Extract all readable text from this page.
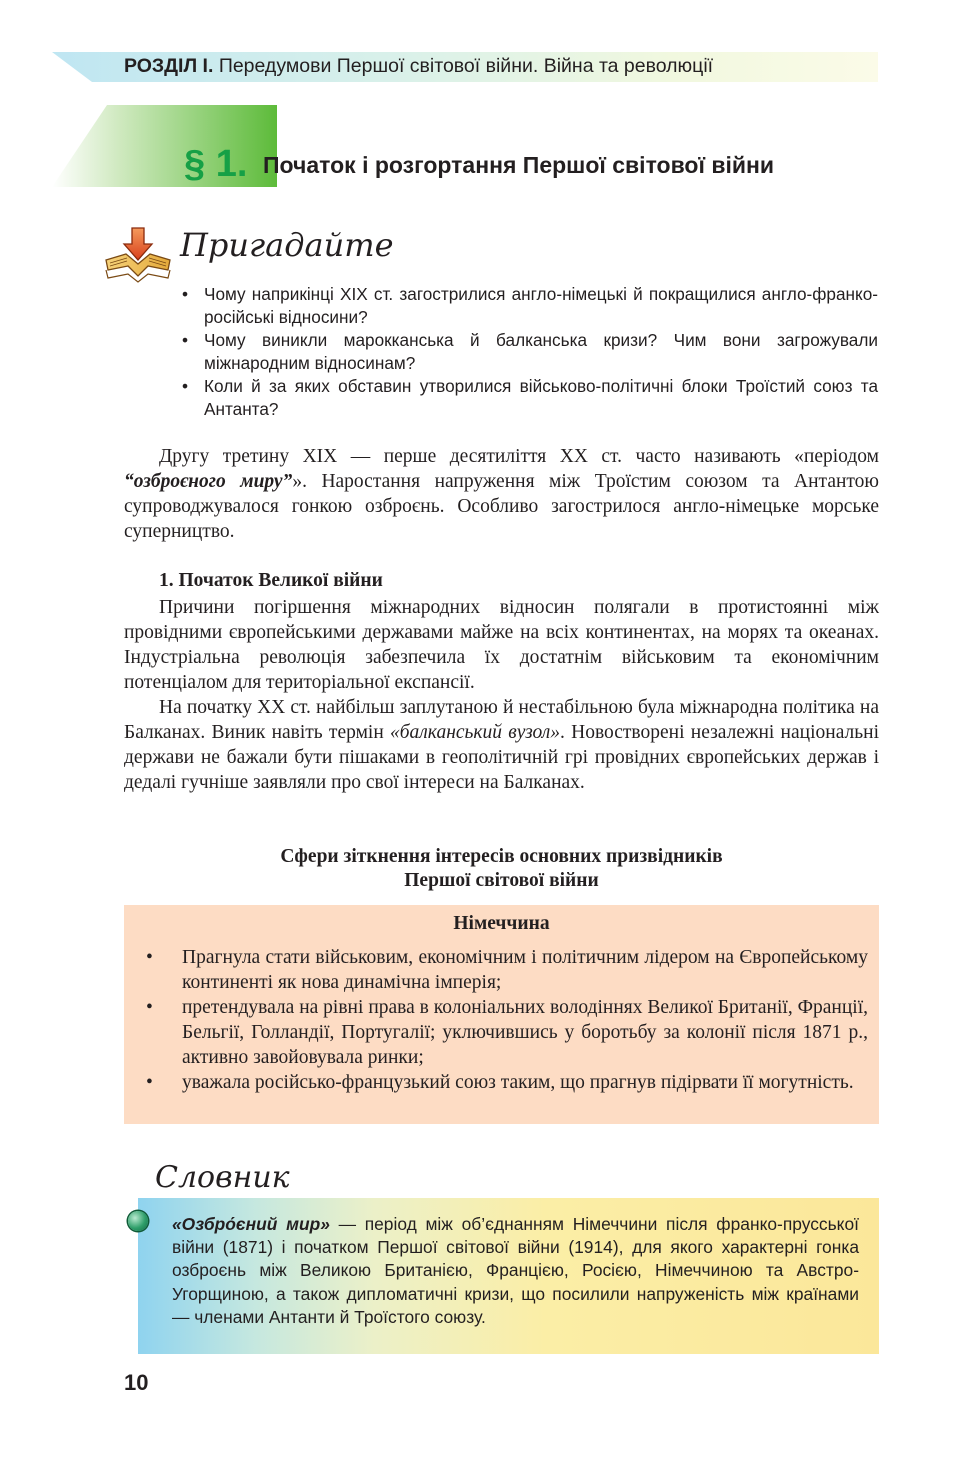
РОЗДІЛ І. Передумови Першої світової війни. Війна та революції
§ 1. Початок і розгортання Першої світової війни
Пригадайте
• Чому наприкінці XIX ст. загострилися англо-німецькі й покращилися англо-франко-російські відносини?
• Чому виникли марокканська й балканська кризи? Чим вони загрожували міжнародним відносинам?
• Коли й за яких обставин утворилися військово-політичні блоки Троїстий союз та Антанта?

Другу третину XIX — перше десятиліття XX ст. часто називають «періодом “озброєного миру”». Наростання напруження між Троїстим союзом та Антантою супроводжувалося гонкою озброєнь. Особливо загострилося англо-німецьке морське суперництво.

1. Початок Великої війни

Причини погіршення міжнародних відносин полягали в протистоянні між провідними європейськими державами майже на всіх континентах, на морях та океанах. Індустріальна революція забезпечила їх достатнім військовим та економічним потенціалом для територіальної експансії.

На початку XX ст. найбільш заплутаною й нестабільною була міжнародна політика на Балканах. Виник навіть термін «балканський вузол». Новостворені незалежні національні держави не бажали бути пішаками в геополітичній грі провідних європейських держав і дедалі гучніше заявляли про свої інтереси на Балканах.

Сфери зіткнення інтересів основних призвідників
Першої світової війни
Німеччина
• Прагнула стати військовим, економічним і політичним лідером на Європейському континенті як нова динамічна імперія;
• претендувала на рівні права в колоніальних володіннях Великої Британії, Франції, Бельгії, Голландії, Португалії; уключившись у боротьбу за колонії після 1871 р., активно завойовувала ринки;
• уважала російсько-французький союз таким, що прагнув підірвати її могутність.
Словник
«Озбро́єний мир» — період між об’єднанням Німеччини після франко-прусської війни (1871) і початком Першої світової війни (1914), для якого характерні гонка озброєнь між Великою Британією, Францією, Росією, Німеччиною та Австро-Угорщиною, а також дипломатичні кризи, що посилили напруженість між країнами — членами Антанти й Троїстого союзу.
10
